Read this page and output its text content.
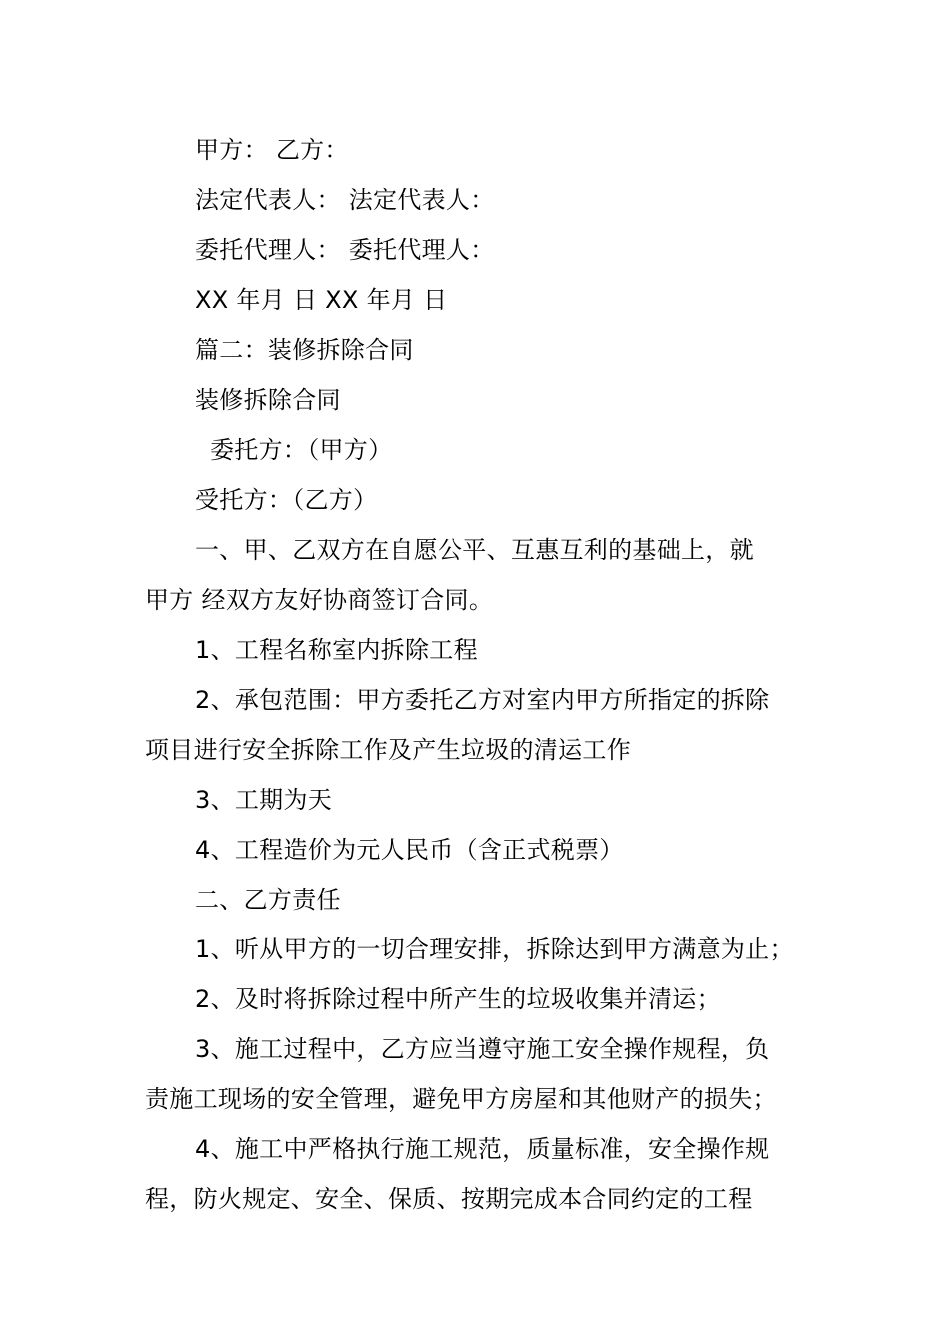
甲方： 乙方：
法定代表人： 法定代表人：
委托代理人： 委托代理人：
XX 年月 日 XX 年月 日
篇二：装修拆除合同
装修拆除合同
委托方：（甲方）
受托方：（乙方）
一、甲、乙双方在自愿公平、互惠互利的基础上，就
甲方 经双方友好协商签订合同。
1、工程名称室内拆除工程
2、承包范围：甲方委托乙方对室内甲方所指定的拆除
项目进行安全拆除工作及产生垃圾的清运工作
3、工期为天
4、工程造价为元人民币（含正式税票）
二、乙方责任
1、听从甲方的一切合理安排，拆除达到甲方满意为止；
2、及时将拆除过程中所产生的垃圾收集并清运；
3、施工过程中，乙方应当遵守施工安全操作规程，负
责施工现场的安全管理，避免甲方房屋和其他财产的损失；
4、施工中严格执行施工规范，质量标准，安全操作规
程，防火规定、安全、保质、按期完成本合同约定的工程
